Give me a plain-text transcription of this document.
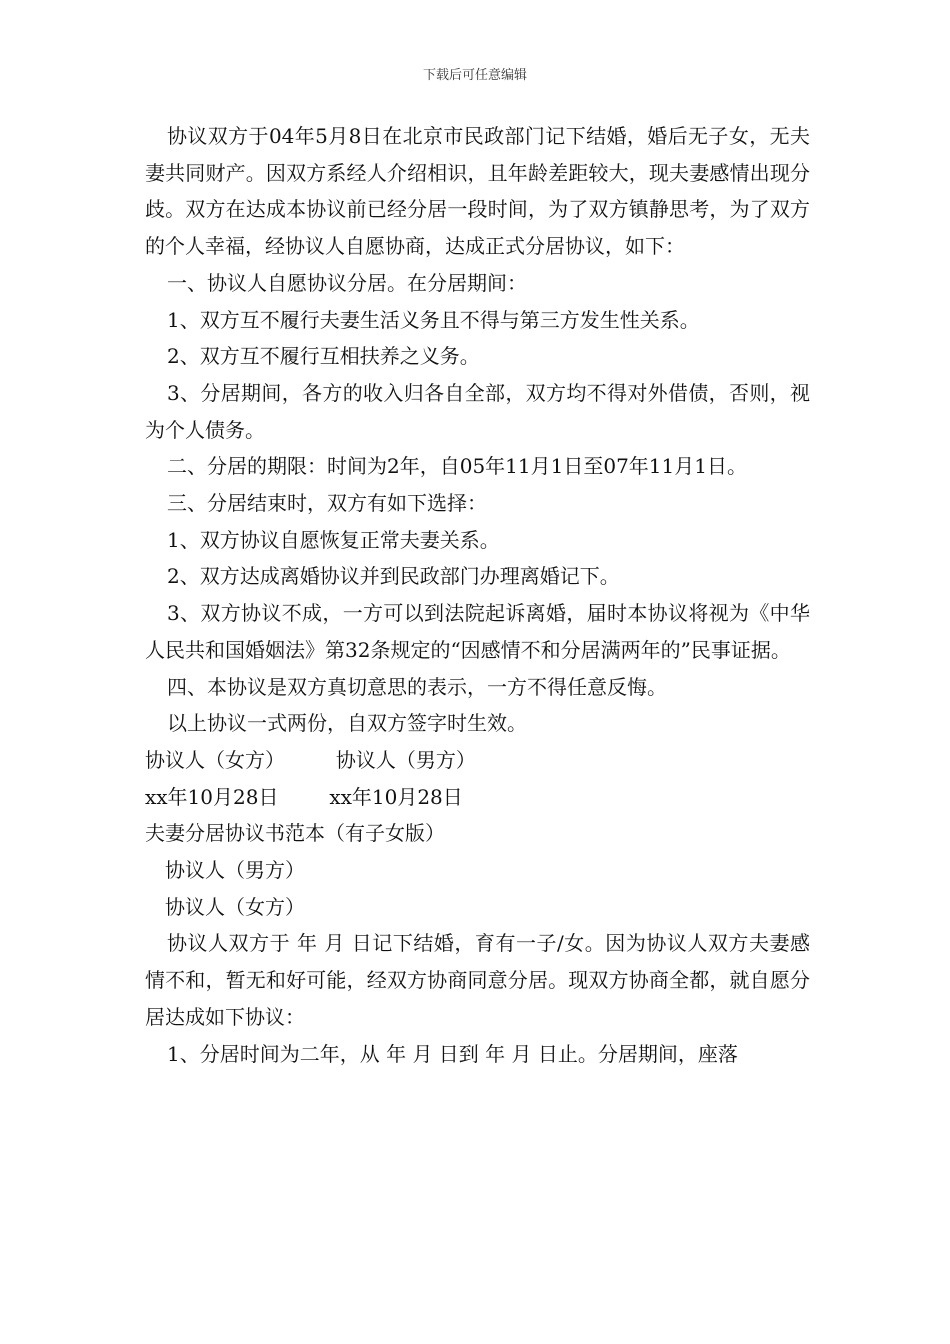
下载后可任意编辑

协议双方于04年5月8日在北京市民政部门记下结婚，婚后无子女，无夫妻共同财产。因双方系经人介绍相识，且年龄差距较大，现夫妻感情出现分歧。双方在达成本协议前已经分居一段时间，为了双方镇静思考，为了双方的个人幸福，经协议人自愿协商，达成正式分居协议，如下：

一、协议人自愿协议分居。在分居期间：

1、双方互不履行夫妻生活义务且不得与第三方发生性关系。

2、双方互不履行互相扶养之义务。

3、分居期间，各方的收入归各自全部，双方均不得对外借债，否则，视为个人债务。

二、分居的期限：时间为2年，自05年11月1日至07年11月1日。

三、分居结束时，双方有如下选择：

1、双方协议自愿恢复正常夫妻关系。

2、双方达成离婚协议并到民政部门办理离婚记下。

3、双方协议不成，一方可以到法院起诉离婚，届时本协议将视为《中华人民共和国婚姻法》第32条规定的“因感情不和分居满两年的”民事证据。

四、本协议是双方真切意思的表示，一方不得任意反悔。

以上协议一式两份，自双方签字时生效。

协议人（女方）        协议人（男方）

xx年10月28日        xx年10月28日

夫妻分居协议书范本（有子女版）

协议人（男方）

协议人（女方）

协议人双方于 年 月 日记下结婚，育有一子/女。因为协议人双方夫妻感情不和，暂无和好可能，经双方协商同意分居。现双方协商全都，就自愿分居达成如下协议：

1、分居时间为二年，从 年 月 日到 年 月 日止。分居期间，座落
